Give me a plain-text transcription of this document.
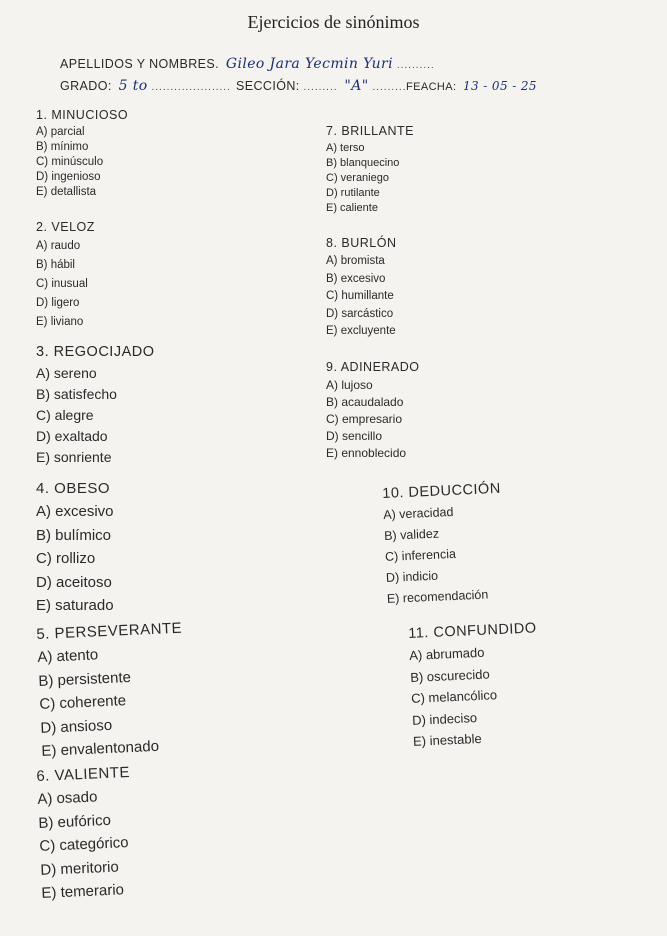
Ejercicios de sinónimos
APELLIDOS Y NOMBRES. Gileo Jara Yecmin Yuri ..........
GRADO: 5 to ..................... SECCIÓN: ......... "A" ......... FEACHA: 13 - 05 - 25
1. MINUCIOSO
A) parcial
B) mínimo
C) minúsculo
D) ingenioso
E) detallista
2. VELOZ
A) raudo
B) hábil
C) inusual
D) ligero
E) liviano
3. REGOCIJADO
A) sereno
B) satisfecho
C) alegre
D) exaltado
E) sonriente
4. OBESO
A) excesivo
B) bulímico
C) rollizo
D) aceitoso
E) saturado
5. PERSEVERANTE
A) atento
B) persistente
C) coherente
D) ansioso
E) envalentonado
6. VALIENTE
A) osado
B) eufórico
C) categórico
D) meritorio
E) temerario
7. BRILLANTE
A) terso
B) blanquecino
C) veraniego
D) rutilante
E) caliente
8. BURLÓN
A) bromista
B) excesivo
C) humillante
D) sarcástico
E) excluyente
9. ADINERADO
A) lujoso
B) acaudalado
C) empresario
D) sencillo
E) ennoblecido
10. DEDUCCIÓN
A) veracidad
B) validez
C) inferencia
D) indicio
E) recomendación
11. CONFUNDIDO
A) abrumado
B) oscurecido
C) melancólico
D) indeciso
E) inestable
